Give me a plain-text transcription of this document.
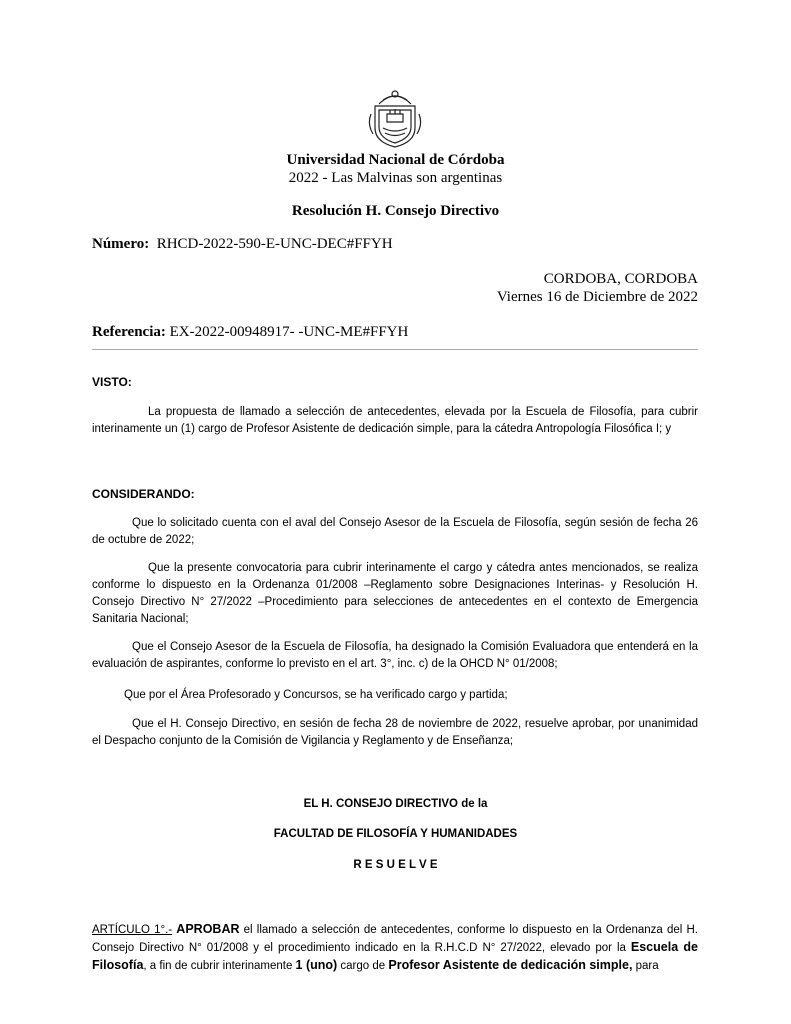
Universidad Nacional de Córdoba
2022 - Las Malvinas son argentinas
Resolución H. Consejo Directivo
Número: RHCD-2022-590-E-UNC-DEC#FFYH
CORDOBA, CORDOBA
Viernes 16 de Diciembre de 2022
Referencia: EX-2022-00948917- -UNC-ME#FFYH
VISTO:
La propuesta de llamado a selección de antecedentes, elevada por la Escuela de Filosofía, para cubrir interinamente un (1) cargo de Profesor Asistente de dedicación simple, para la cátedra Antropología Filosófica I; y
CONSIDERANDO:
Que lo solicitado cuenta con el aval del Consejo Asesor de la Escuela de Filosofía, según sesión de fecha 26 de octubre de 2022;
Que la presente convocatoria para cubrir interinamente el cargo y cátedra antes mencionados, se realiza conforme lo dispuesto en la Ordenanza 01/2008 –Reglamento sobre Designaciones Interinas- y Resolución H. Consejo Directivo N° 27/2022 –Procedimiento para selecciones de antecedentes en el contexto de Emergencia Sanitaria Nacional;
Que el Consejo Asesor de la Escuela de Filosofía, ha designado la Comisión Evaluadora que entenderá en la evaluación de aspirantes, conforme lo previsto en el art. 3°, inc. c) de la OHCD N° 01/2008;
Que por el Área Profesorado y Concursos, se ha verificado cargo y partida;
Que el H. Consejo Directivo, en sesión de fecha 28 de noviembre de 2022, resuelve aprobar, por unanimidad el Despacho conjunto de la Comisión de Vigilancia y Reglamento y de Enseñanza;
EL H. CONSEJO DIRECTIVO de la
FACULTAD DE FILOSOFÍA Y HUMANIDADES
R E S U E L V E
ARTÍCULO 1°.- APROBAR el llamado a selección de antecedentes, conforme lo dispuesto en la Ordenanza del H. Consejo Directivo N° 01/2008 y el procedimiento indicado en la R.H.C.D N° 27/2022, elevado por la Escuela de Filosofía, a fin de cubrir interinamente 1 (uno) cargo de Profesor Asistente de dedicación simple, para
